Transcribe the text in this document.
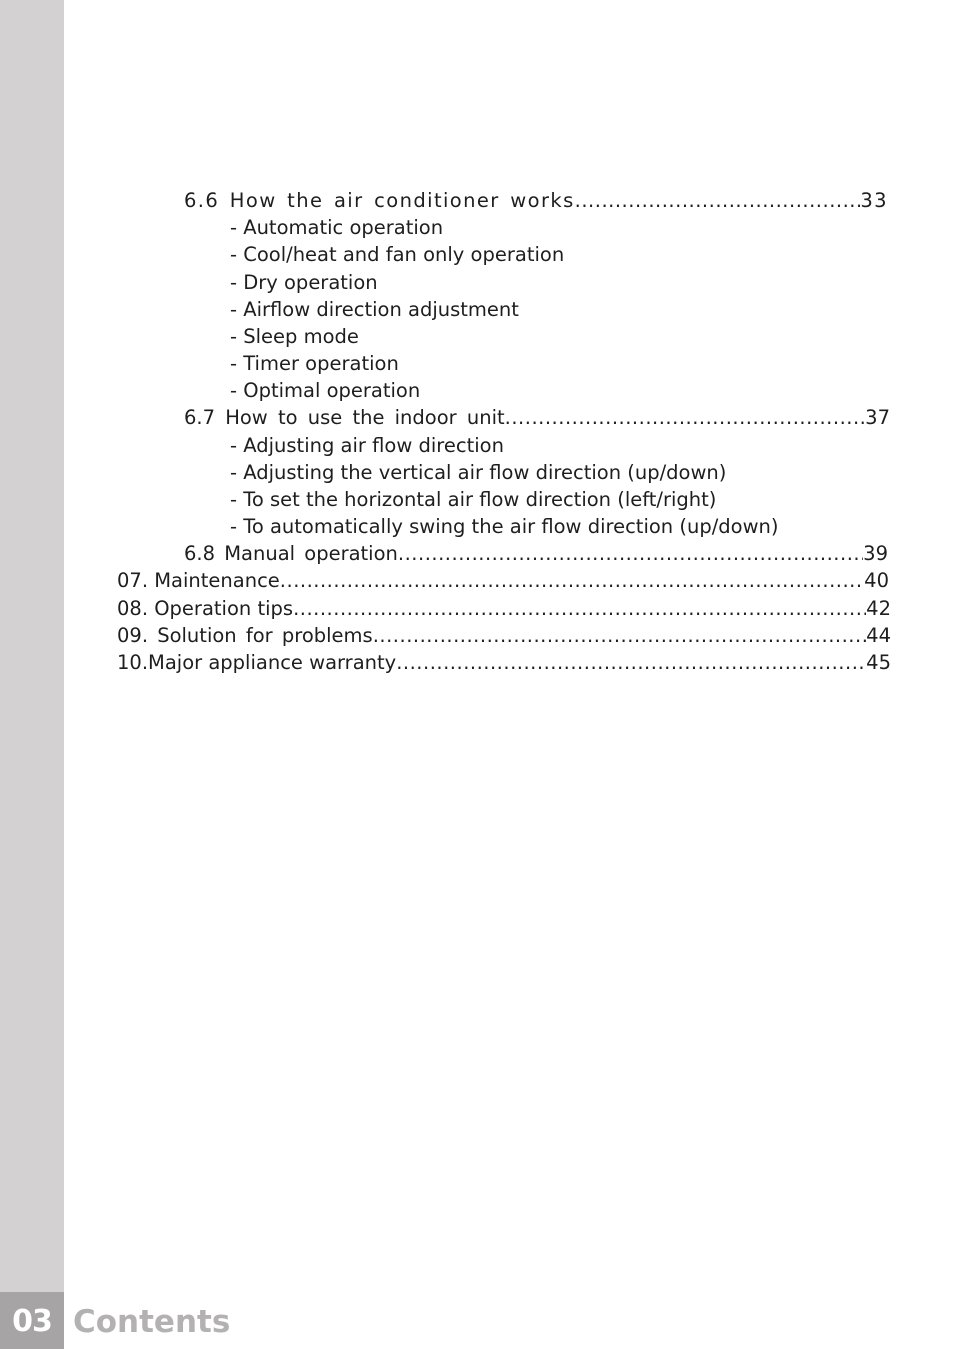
03 Contents
6.6 How the air conditioner works .....	33
- Automatic operation
- Cool/heat and fan only operation
- Dry operation
- Airflow direction adjustment
- Sleep mode
- Timer operation
- Optimal operation
6.7 How to use the indoor unit .....	37
- Adjusting air flow direction
- Adjusting the vertical air flow direction (up/down)
- To set the horizontal air flow direction (left/right)
- To automatically swing the air flow direction (up/down)
6.8 Manual operation .....	39
07. Maintenance .....	40
08. Operation tips .....	42
09. Solution for problems .....	44
10.Major appliance warranty .....	45
